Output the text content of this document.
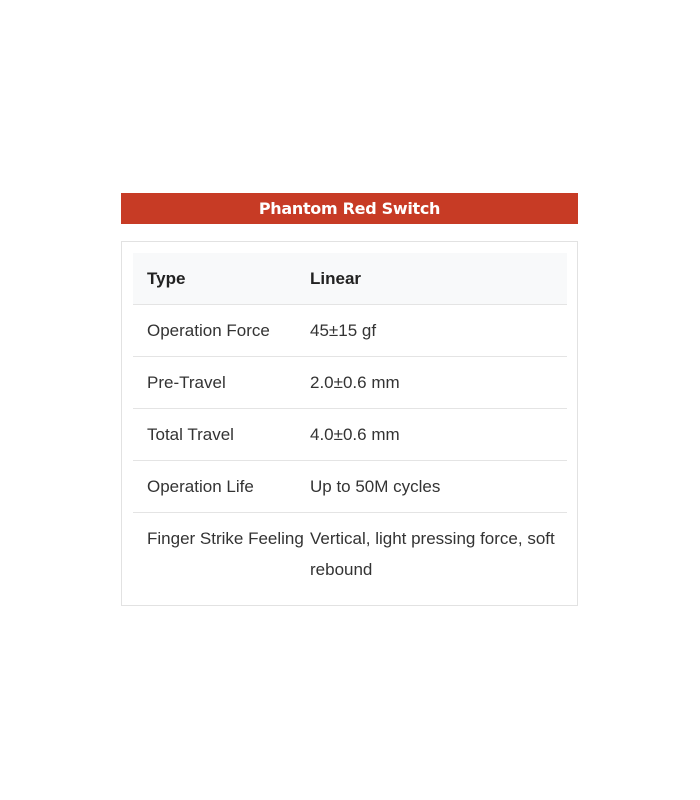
Phantom Red Switch
Type	Linear
Operation Force	45±15 gf
Pre-Travel	2.0±0.6 mm
Total Travel	4.0±0.6 mm
Operation Life	Up to 50M cycles
Finger Strike Feeling	Vertical, light pressing force, soft rebound
